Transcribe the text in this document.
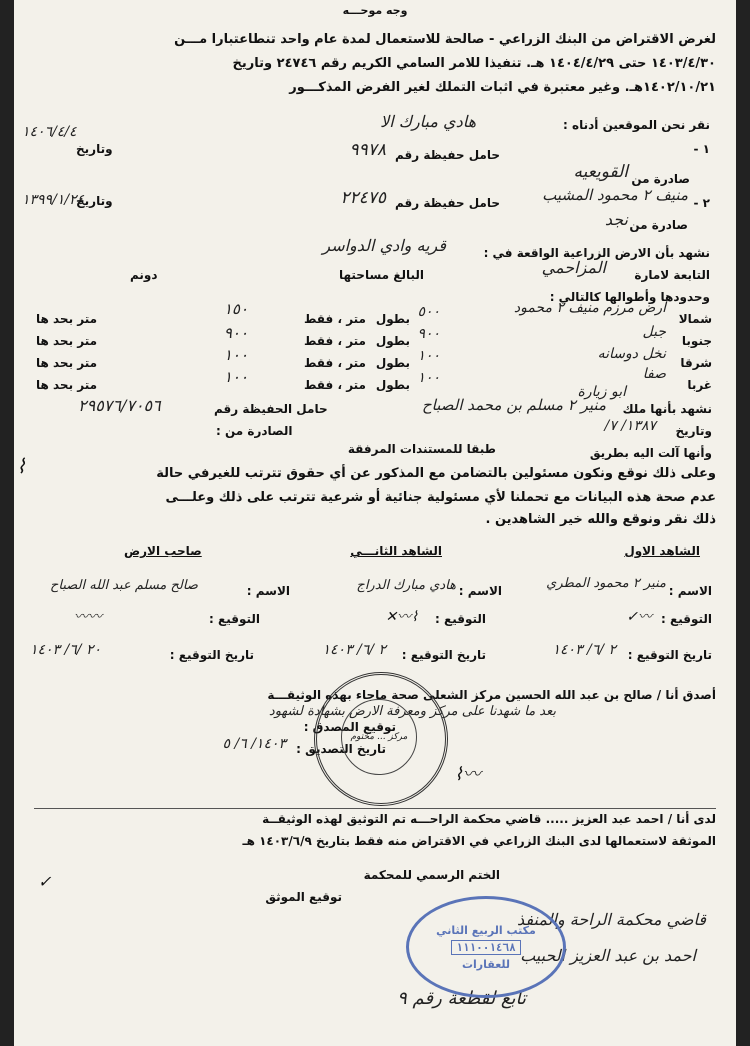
وجه موحـــه
لغرض الاقتراض من البنك الزراعي - صالحة للاستعمال لمدة عام واحد تنطاعتبارا مـــن
١٤٠٣/٤/٣٠ حتى ١٤٠٤/٤/٢٩ هـ. تنفيذا للامر السامي الكريم رقم ٢٤٧٤٦ وتاريخ
١٤٠٢/١٠/٢١هـ. وغير معتبرة في اثبات التملك لغير الفرض المذكـــور
نقر نحن الموقعين أدناه :
هادي مبارك الا
١ -
حامل حفيظة رقم
٩٩٧٨
وتاريخ
١٤٠٦/٤/٤
صادرة من
القويعيه
٢ -
منيف ٢ محمود المشيب
حامل حفيظة رقم
٢٢٤٧٥
وتاريخ
١٣٩٩/١/٢٤
صادرة من
نجد
نشهد بأن الارض الزراعية الواقعة في :
قريه وادي الدواسر
التابعة لامارة
المزاحمي
البالغ مساحتها
دونم
وحدودها وأطوالها كالتالي :
شمالا
ارض مرزم منيف ٢ محمود
بطول ٥٠٠
متر ، فقط
١٥٠
متر بحد ها
جنوبا
جبل
بطول ٩٠٠
متر ، فقط
٩٠٠
متر بحد ها
شرقا
نخل دوسانه
بطول ١٠٠
متر ، فقط
١٠٠
متر بحد ها
غربا
صفا
بطول ١٠٠
متر ، فقط
١٠٠
متر بحد ها	ابو زيارة
نشهد بأنها ملك
منير ٢ مسلم بن محمد الصباح
حامل الحفيظة رقم
٢٩٥٧٦/٧٠٥٦
وتاريخ
١٣٨٧/ ٧/
الصادرة من :
وأنها آلت اليه بطريق
طبقا للمستندات المرفقة
وعلى ذلك نوقع ونكون مسئولين بالتضامن مع المذكور عن أي حقوق تترتب للغيرفي حالة
عدم صحة هذه البيانات مع تحملنا لأي مسئولية جنائية أو شرعية تترتب على ذلك وعلـــى
ذلك نقر ونوقع والله خير الشاهدين .
الشاهد الاول
الشاهد الثانـــي
صاحب الارض
الاسم :
منير ٢ محمود المطري
الاسم :
هادي مبارك الدراج
الاسم :
صالح مسلم عبد الله الصباح
التوقيع :
〰︎✓
التوقيع :
⌇〰︎✕
التوقيع :
〰︎〰︎
تاريخ التوقيع :
٢ /٦/ ١٤٠٣
تاريخ التوقيع :
٢ /٦/ ١٤٠٣
تاريخ التوقيع :
٢٠ /٦/ ١٤٠٣
أصدق أنا / صالح بن عبد الله الحسين مركز الشعلى صحة ماجاء بهذه الوثيقـــة
بعد ما شهدنا على مركز ومعرفة الارض بشهادة لشهود
توقيع المصدق :
تاريخ التصديق :
١٤٠٣/ ٦/ ٥	مركز ... مختوم
〰︎⌇
لدى أنا / احمد عبد العزيز ..... قاضي محكمة الراحـــه تم التوثيق لهذه الوثيقــة
الموثقة لاستعمالها لدى البنك الزراعي في الاقتراض منه فقط بتاريخ ١٤٠٣/٦/٩ هـ
الختم الرسمي للمحكمة
توقيع الموثق
قاضي محكمة الراحة والمنفذ
احمد بن عبد العزيز الحبيب
تابع لقطعة رقم ٩
مكتب الربيع الثاني
١١١٠٠١٤٦٨
للعقارات
⌇
✓
